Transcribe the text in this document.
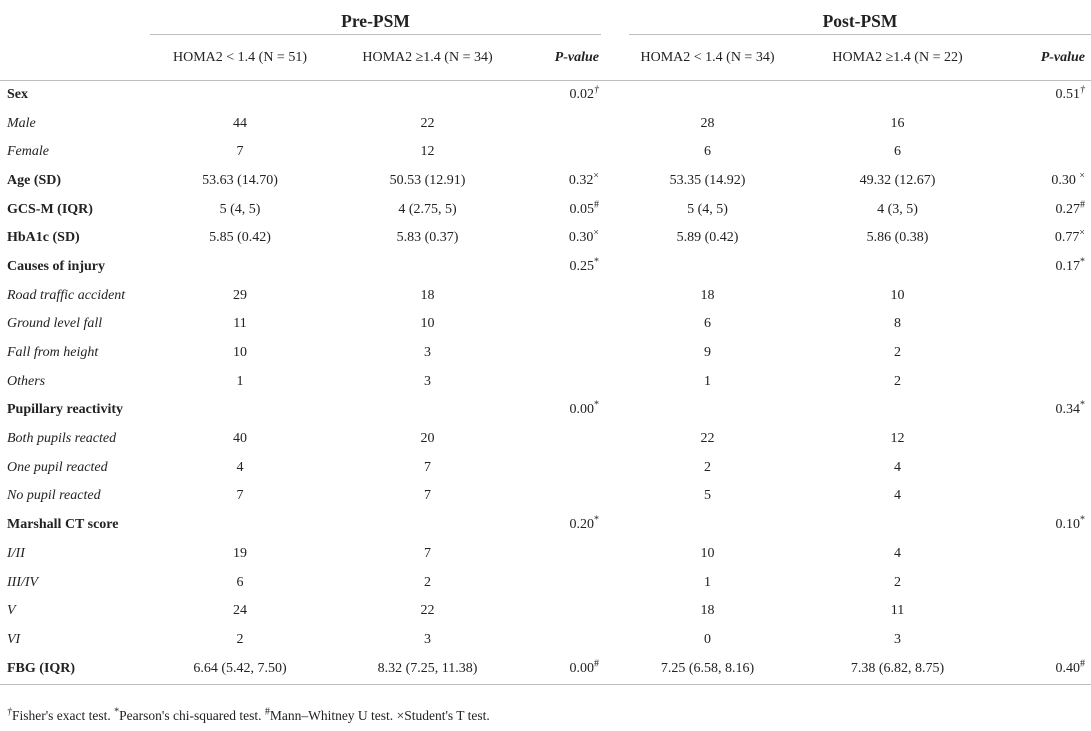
	Pre-PSM			Post-PSM		
	HOMA2 < 1.4 (N = 51)	HOMA2 ≥1.4 (N = 34)	P-value	HOMA2 < 1.4 (N = 34)	HOMA2 ≥1.4 (N = 22)	P-value
Sex			0.02†			0.51†
Male	44	22		28	16	
Female	7	12		6	6	
Age (SD)	53.63 (14.70)	50.53 (12.91)	0.32×	53.35 (14.92)	49.32 (12.67)	0.30 ×
GCS-M (IQR)	5 (4, 5)	4 (2.75, 5)	0.05#	5 (4, 5)	4 (3, 5)	0.27#
HbA1c (SD)	5.85 (0.42)	5.83 (0.37)	0.30×	5.89 (0.42)	5.86 (0.38)	0.77×
Causes of injury			0.25*			0.17*
Road traffic accident	29	18		18	10	
Ground level fall	11	10		6	8	
Fall from height	10	3		9	2	
Others	1	3		1	2	
Pupillary reactivity			0.00*			0.34*
Both pupils reacted	40	20		22	12	
One pupil reacted	4	7		2	4	
No pupil reacted	7	7		5	4	
Marshall CT score			0.20*			0.10*
I/II	19	7		10	4	
III/IV	6	2		1	2	
V	24	22		18	11	
VI	2	3		0	3	
FBG (IQR)	6.64 (5.42, 7.50)	8.32 (7.25, 11.38)	0.00#	7.25 (6.58, 8.16)	7.38 (6.82, 8.75)	0.40#
†Fisher's exact test. *Pearson's chi-squared test. #Mann–Whitney U test. ×Student's T test.
